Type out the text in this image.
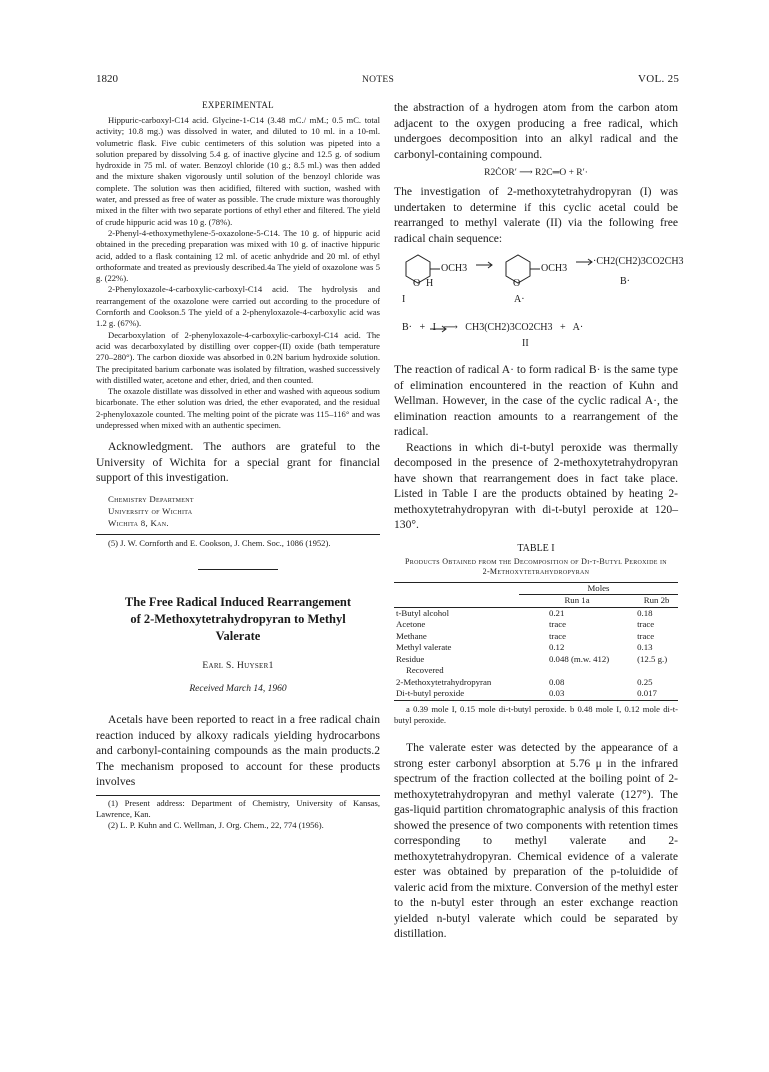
1820	NOTES	VOL. 25
EXPERIMENTAL

Hippuric-carboxyl-C14 acid. Glycine-1-C14 (3.48 mC./ mM.; 0.5 mC. total activity; 10.8 mg.) was dissolved in water, and diluted to 10 ml. in a 10-ml. volumetric flask. Five cubic centimeters of this solution was pipeted into a solution prepared by dissolving 5.4 g. of inactive glycine and 12.5 g. of sodium hydroxide in 75 ml. of water. Benzoyl chloride (10 g.; 8.5 ml.) was then added and the mixture shaken vigorously until solution of the benzoyl chloride was complete. The solution was then acidified, filtered with suction, washed with water, and pressed as free of water as possible. The crude mixture was thoroughly mixed in the filter with two separate portions of ethyl ether and filtered. The yield of crude hippuric acid was 10 g. (78%).

2-Phenyl-4-ethoxymethylene-5-oxazolone-5-C14. The 10 g. of hippuric acid obtained in the preceding preparation was mixed with 10 g. of inactive hippuric acid, added to a flask containing 12 ml. of acetic anhydride and 20 ml. of ethyl orthoformate and treated as previously described.4a The yield of oxazolone was 5 g. (22%).

2-Phenyloxazole-4-carboxylic-carboxyl-C14 acid. The hydrolysis and rearrangement of the oxazolone were carried out according to the procedure of Cornforth and Cookson.5 The yield of a 2-phenyloxazole-4-carboxylic acid was 1.2 g. (67%).

Decarboxylation of 2-phenyloxazole-4-carboxylic-carboxyl-C14 acid. The acid was decarboxylated by distilling over copper-(II) oxide (bath temperature 270–280°). The carbon dioxide was absorbed in 0.2N barium hydroxide solution. The precipitated barium carbonate was isolated by filtration, washed successively with distilled water, acetone and ether, dried, and then counted.

The oxazole distillate was dissolved in ether and washed with aqueous sodium bicarbonate. The ether solution was dried, the ether evaporated, and the residual 2-phenyloxazole counted. The melting point of the picrate was 115–116° and was undepressed when mixed with an authentic specimen.

Acknowledgment. The authors are grateful to the University of Wichita for a special grant for financial support of this investigation.

Chemistry Department
University of Wichita
Wichita 8, Kan.

(5) J. W. Cornforth and E. Cookson, J. Chem. Soc., 1086 (1952).

The Free Radical Induced Rearrangement
of 2-Methoxytetrahydropyran to Methyl
Valerate
Earl S. Huyser1
Received March 14, 1960

Acetals have been reported to react in a free radical chain reaction induced by alkoxy radicals yielding hydrocarbons and carbonyl-containing compounds as the main products.2 The mechanism proposed to account for these products involves

(1) Present address: Department of Chemistry, University of Kansas, Lawrence, Kan.

(2) L. P. Kuhn and C. Wellman, J. Org. Chem., 22, 774 (1956).

the abstraction of a hydrogen atom from the carbon atom adjacent to the oxygen producing a free radical, which undergoes decomposition into an alkyl radical and the carbonyl-containing compound.

R2ĊOR′ ⟶ R2C═O + R′·

The investigation of 2-methoxytetrahydropyran (I) was undertaken to determine if this cyclic acetal could be rearranged to methyl valerate (II) via the following free radical chain sequence:

O	O
OCH3
H
OCH3
·CH2(CH2)3CO2CH3
I	A·
B·
B· + I ⟶ CH3(CH2)3CO2CH3 + A·
II

The reaction of radical A· to form radical B· is the same type of elimination encountered in the reaction of Kuhn and Wellman. However, in the case of the cyclic radical A·, the elimination reaction amounts to a rearrangement of the radical.

Reactions in which di-t-butyl peroxide was thermally decomposed in the presence of 2-methoxytetrahydropyran have shown that rearrangement does in fact take place. Listed in Table I are the products obtained by heating 2-methoxytetrahydropyran with di-t-butyl peroxide at 120–130°.

TABLE I
Products Obtained from the Decomposition of Di-t-Butyl Peroxide in 2-Methoxytetrahydropyran
	Moles	
	Run 1a	Run 2b
t-Butyl alcohol	0.21	0.18
Acetone	trace	trace
Methane	trace	trace
Methyl valerate	0.12	0.13
Residue	0.048 (m.w. 412)	(12.5 g.)
Recovered		
2-Methoxytetrahydropyran	0.08	0.25
Di-t-butyl peroxide	0.03	0.017

a 0.39 mole I, 0.15 mole di-t-butyl peroxide. b 0.48 mole I, 0.12 mole di-t-butyl peroxide.

The valerate ester was detected by the appearance of a strong ester carbonyl absorption at 5.76 μ in the infrared spectrum of the fraction collected at the boiling point of 2-methoxytetrahydropyran and methyl valerate (127°). The gas-liquid partition chromatographic analysis of this fraction showed the presence of two components with retention times corresponding to methyl valerate and 2-methoxytetrahydropyran. Chemical evidence of a valerate ester was obtained by preparation of the p-toluidide of valeric acid from the mixture. Conversion of the methyl ester to the n-butyl ester through an ester exchange reaction yielded n-butyl valerate which could be separated by distillation.
